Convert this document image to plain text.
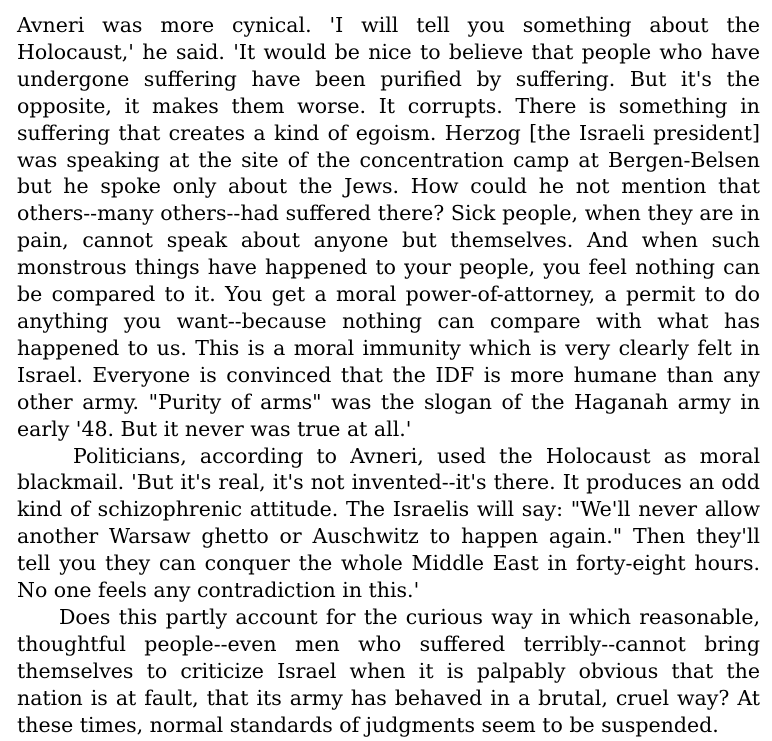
Avneri was more cynical. 'I will tell you something about the Holocaust,' he said. 'It would be nice to believe that people who have undergone suffering have been purified by suffering. But it's the opposite, it makes them worse. It corrupts. There is something in suffering that creates a kind of egoism. Herzog [the Israeli president] was speaking at the site of the concentration camp at Bergen-Belsen but he spoke only about the Jews. How could he not mention that others--many others--had suffered there? Sick people, when they are in pain, cannot speak about anyone but themselves. And when such monstrous things have happened to your people, you feel nothing can be compared to it. You get a moral power-of-attorney, a permit to do anything you want--because nothing can compare with what has happened to us. This is a moral immunity which is very clearly felt in Israel. Everyone is convinced that the IDF is more humane than any other army. "Purity of arms" was the slogan of the Haganah army in early '48. But it never was true at all.'

Politicians, according to Avneri, used the Holocaust as moral blackmail. 'But it's real, it's not invented--it's there. It produces an odd kind of schizophrenic attitude. The Israelis will say: "We'll never allow another Warsaw ghetto or Auschwitz to happen again." Then they'll tell you they can conquer the whole Middle East in forty-eight hours. No one feels any contradiction in this.'

Does this partly account for the curious way in which reasonable, thoughtful people--even men who suffered terribly--cannot bring themselves to criticize Israel when it is palpably obvious that the nation is at fault, that its army has behaved in a brutal, cruel way? At these times, normal standards of judgments seem to be suspended.
